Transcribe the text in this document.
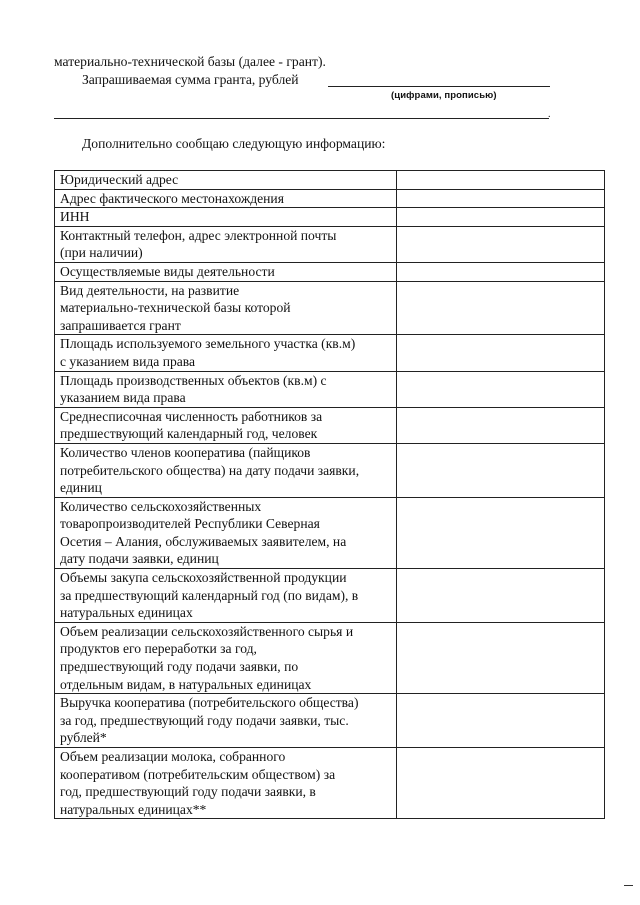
материально-технической базы (далее - грант).
Запрашиваемая сумма гранта, рублей
(цифрами, прописью)
.
Дополнительно сообщаю следующую информацию:
Юридический адрес	

Адрес фактического местонахождения	

ИНН	

Контактный телефон, адрес электронной почты
(при наличии)	

Осуществляемые виды деятельности	

Вид деятельности, на развитие
материально-технической базы которой
запрашивается грант	

Площадь используемого земельного участка (кв.м)
с указанием вида права	

Площадь производственных объектов (кв.м) с
указанием вида права	

Среднесписочная численность работников за
предшествующий календарный год, человек	

Количество членов кооператива (пайщиков
потребительского общества) на дату подачи заявки,
единиц	

Количество сельскохозяйственных
товаропроизводителей Республики Северная
Осетия – Алания, обслуживаемых заявителем, на
дату подачи заявки, единиц	

Объемы закупа сельскохозяйственной продукции
за предшествующий календарный год (по видам), в
натуральных единицах	

Объем реализации сельскохозяйственного сырья и
продуктов его переработки за год,
предшествующий году подачи заявки, по
отдельным видам, в натуральных единицах	

Выручка кооператива (потребительского общества)
за год, предшествующий году подачи заявки, тыс.
рублей*	

Объем реализации молока, собранного
кооперативом (потребительским обществом) за
год, предшествующий году подачи заявки, в
натуральных единицах**	
